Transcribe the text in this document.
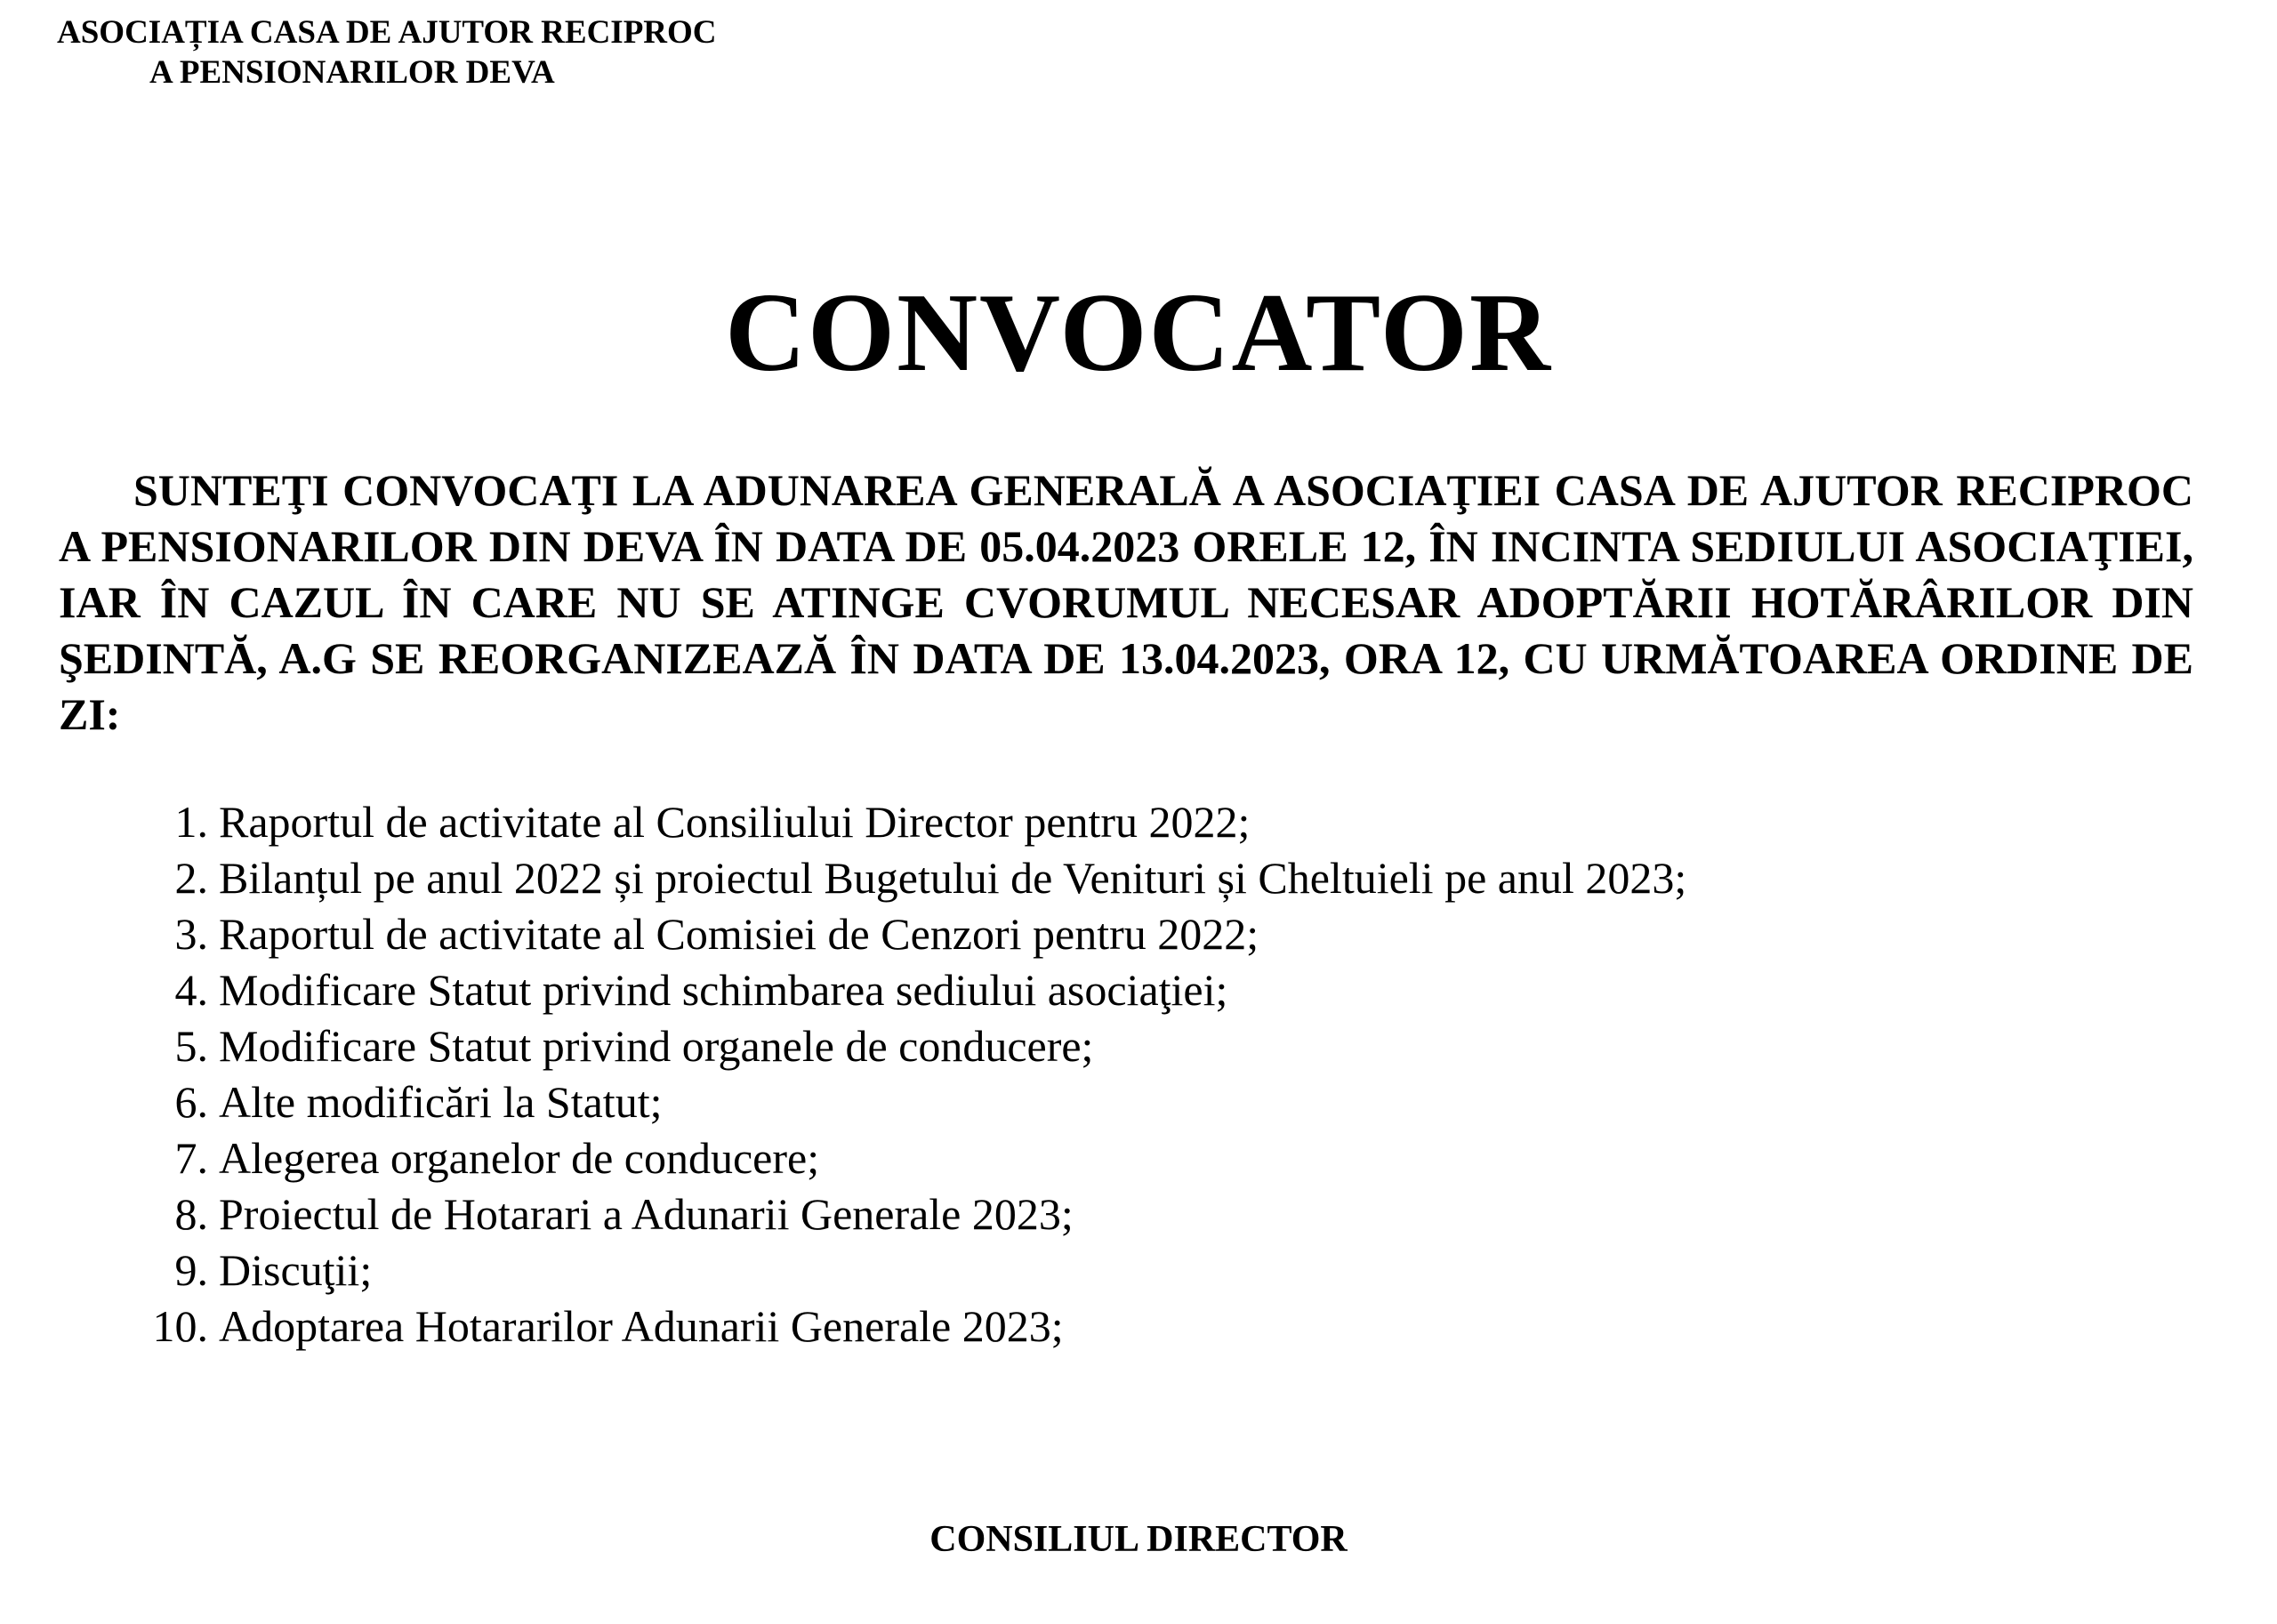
ASOCIAȚIA CASA DE AJUTOR RECIPROC
A PENSIONARILOR DEVA
CONVOCATOR
SUNTEŢI CONVOCAŢI LA ADUNAREA GENERALĂ A ASOCIAŢIEI CASA DE AJUTOR RECIPROC A PENSIONARILOR DIN DEVA ÎN DATA DE 05.04.2023 ORELE 12, ÎN INCINTA SEDIULUI ASOCIAŢIEI, IAR ÎN CAZUL ÎN CARE NU SE ATINGE CVORUMUL NECESAR ADOPTĂRII HOTĂRÂRILOR DIN ŞEDINTĂ, A.G SE REORGANIZEAZĂ ÎN DATA DE 13.04.2023, ORA 12, CU URMĂTOAREA ORDINE DE ZI:
1. Raportul de activitate al Consiliului Director pentru 2022;
2. Bilanțul pe anul 2022 și proiectul Bugetului de Venituri și Cheltuieli pe anul 2023;
3. Raportul de activitate al Comisiei de Cenzori pentru 2022;
4. Modificare Statut privind schimbarea sediului asociaţiei;
5. Modificare Statut privind organele de conducere;
6. Alte modificări la Statut;
7. Alegerea organelor de conducere;
8. Proiectul de Hotarari a Adunarii Generale 2023;
9. Discuţii;
10. Adoptarea Hotararilor Adunarii Generale 2023;
CONSILIUL DIRECTOR
